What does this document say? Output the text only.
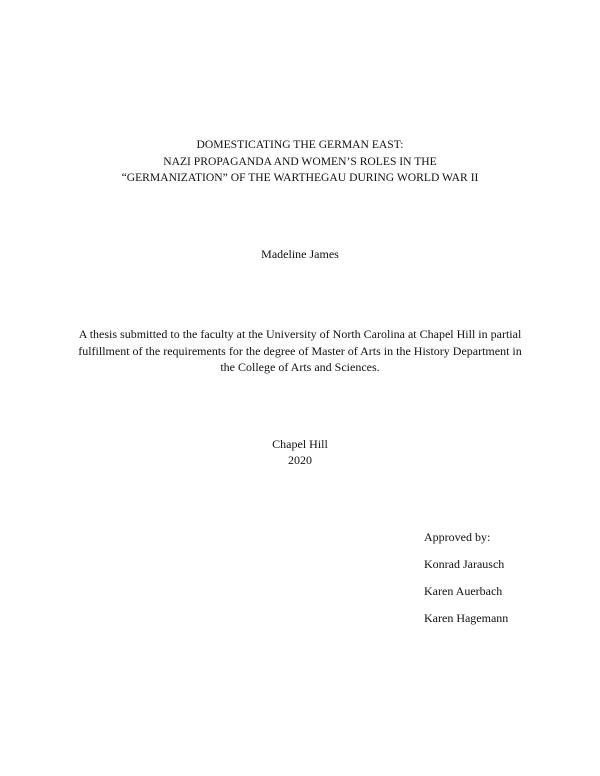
DOMESTICATING THE GERMAN EAST:
NAZI PROPAGANDA AND WOMEN’S ROLES IN THE
“GERMANIZATION” OF THE WARTHEGAU DURING WORLD WAR II
Madeline James
A thesis submitted to the faculty at the University of North Carolina at Chapel Hill in partial
fulfillment of the requirements for the degree of Master of Arts in the History Department in
the College of Arts and Sciences.
Chapel Hill
2020
Approved by:
Konrad Jarausch
Karen Auerbach
Karen Hagemann
